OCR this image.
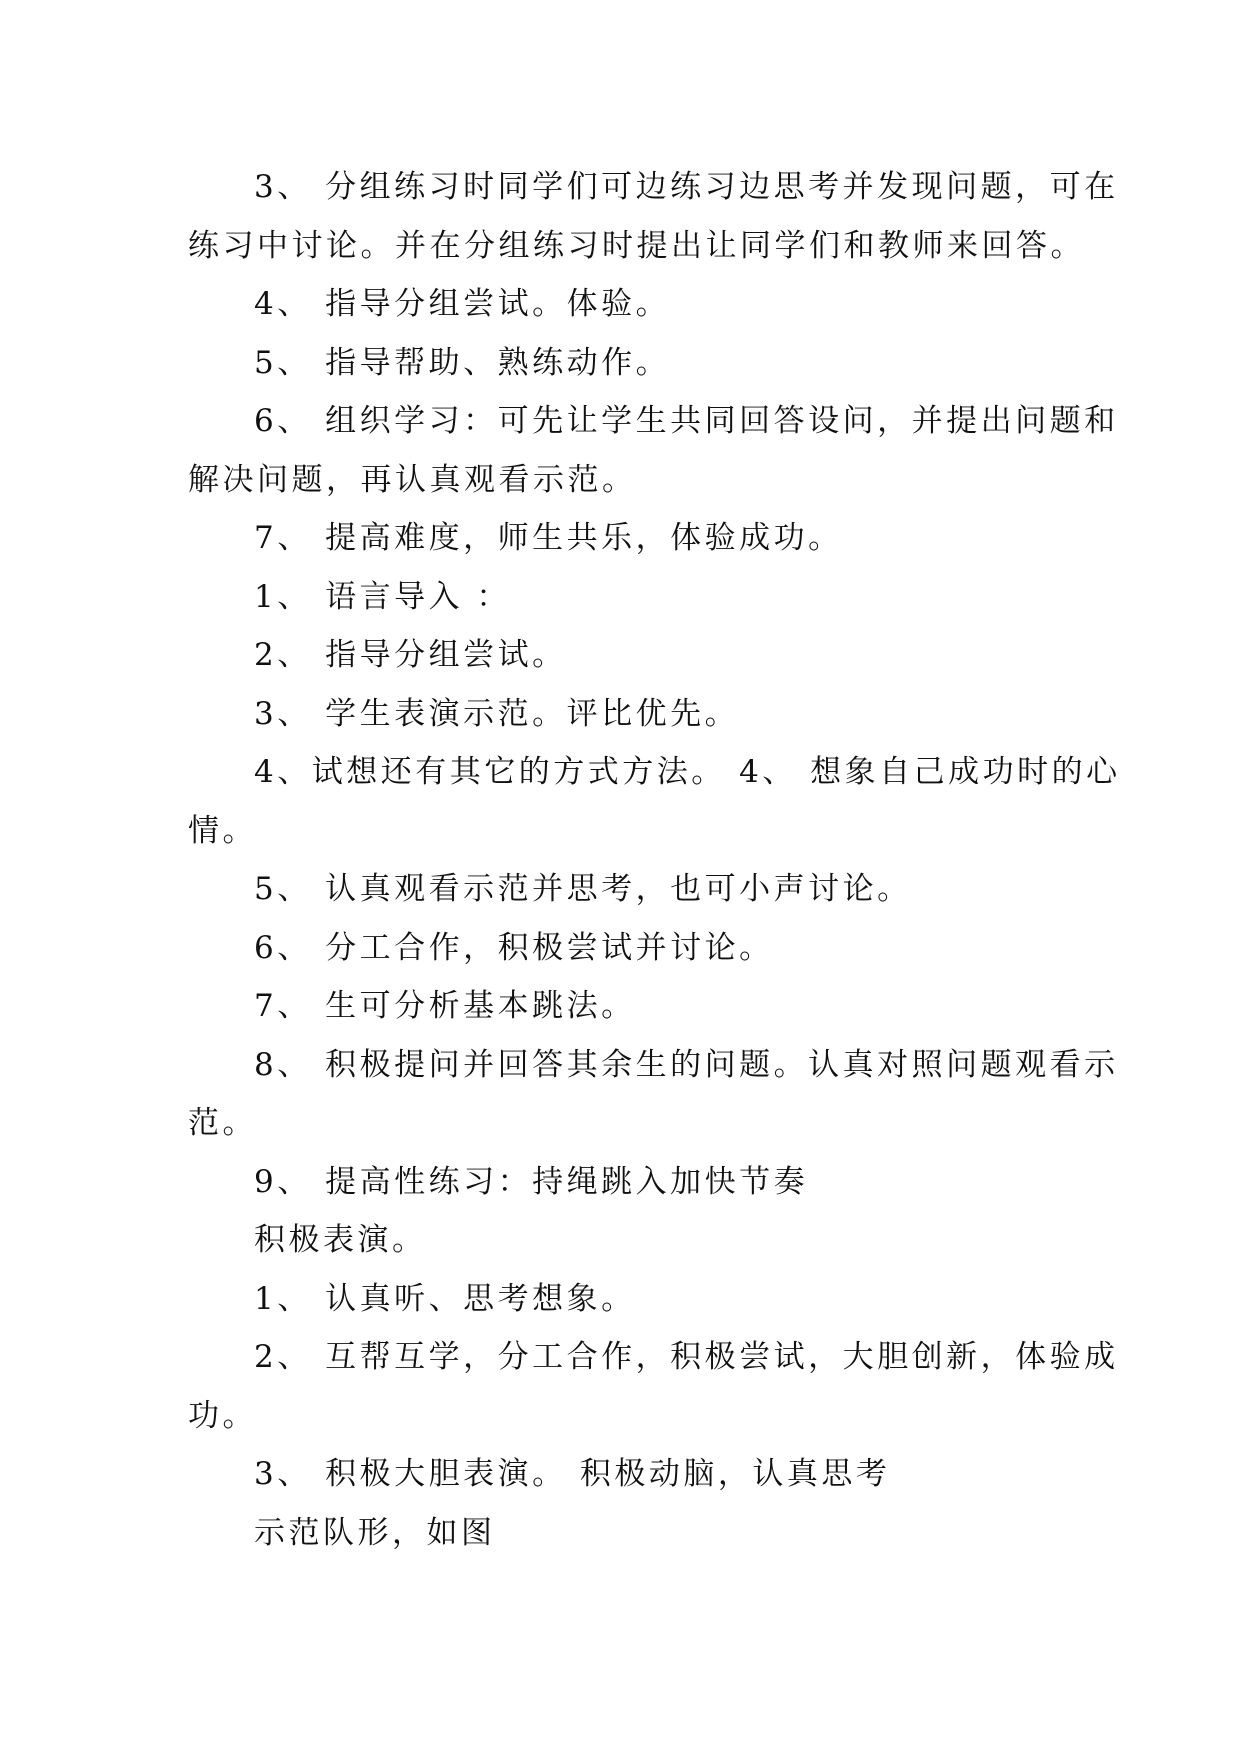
3、 分组练习时同学们可边练习边思考并发现问题，可在练习中讨论。并在分组练习时提出让同学们和教师来回答。

4、 指导分组尝试。体验。

5、 指导帮助、熟练动作。

6、 组织学习：可先让学生共同回答设问，并提出问题和解决问题，再认真观看示范。

7、 提高难度，师生共乐，体验成功。

1、 语言导入 ：

2、 指导分组尝试。

3、 学生表演示范。评比优先。

4、试想还有其它的方式方法。 4、 想象自己成功时的心情。

5、 认真观看示范并思考，也可小声讨论。

6、 分工合作，积极尝试并讨论。

7、 生可分析基本跳法。

8、 积极提问并回答其余生的问题。认真对照问题观看示范。

9、 提高性练习：持绳跳入加快节奏

积极表演。

1、 认真听、思考想象。

2、 互帮互学，分工合作，积极尝试，大胆创新，体验成功。

3、 积极大胆表演。 积极动脑，认真思考

示范队形，如图
